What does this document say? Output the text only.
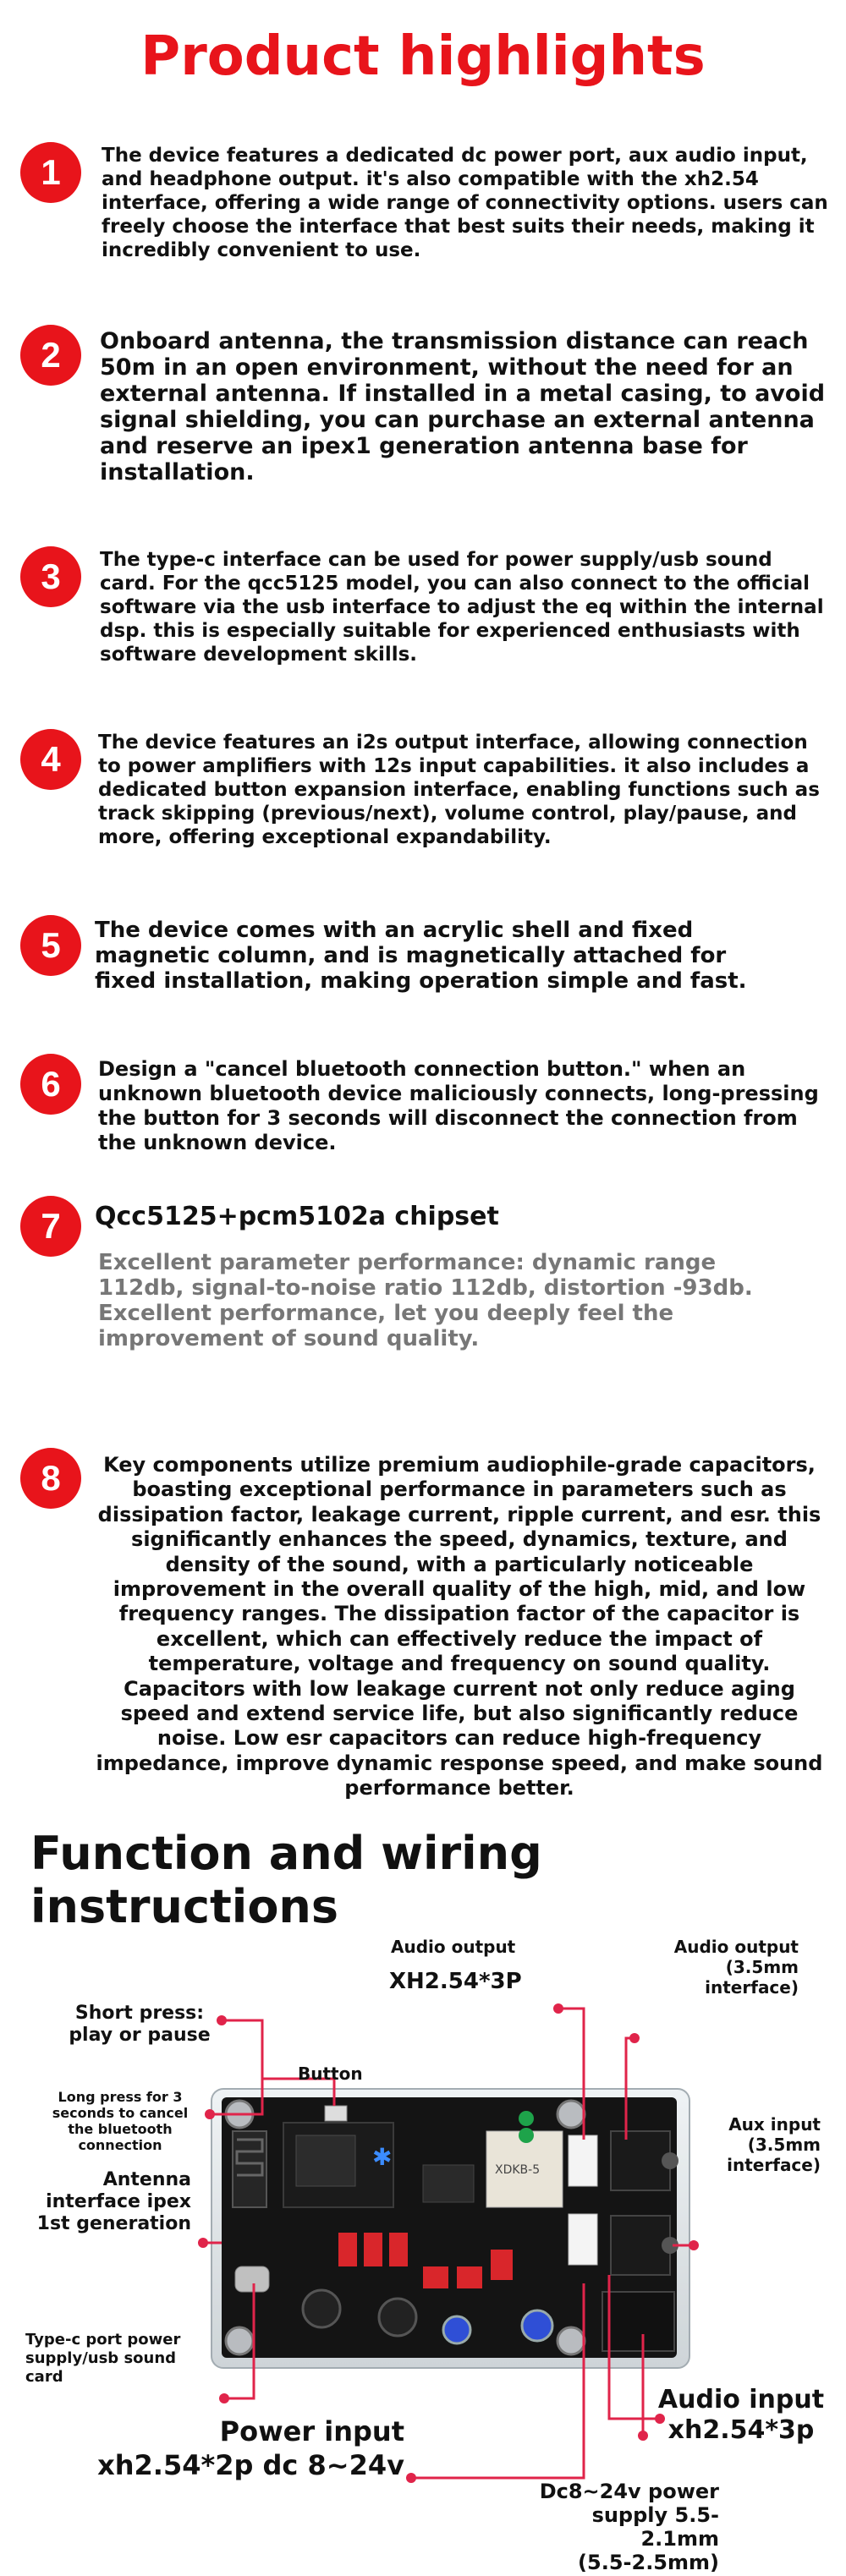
Product highlights
1	The device features a dedicated dc power port, aux audio input, and headphone output. it's also compatible with the xh2.54 interface, offering a wide range of connectivity options. users can freely choose the interface that best suits their needs, making it incredibly convenient to use.
2	Onboard antenna, the transmission distance can reach 50m in an open environment, without the need for an external antenna. If installed in a metal casing, to avoid signal shielding, you can purchase an external antenna and reserve an ipex1 generation antenna base for installation.
3	The type-c interface can be used for power supply/usb sound card. For the qcc5125 model, you can also connect to the official software via the usb interface to adjust the eq within the internal dsp. this is especially suitable for experienced enthusiasts with software development skills.
4	The device features an i2s output interface, allowing connection to power amplifiers with 12s input capabilities. it also includes a dedicated button expansion interface, enabling functions such as track skipping (previous/next), volume control, play/pause, and more, offering exceptional expandability.
5	The device comes with an acrylic shell and fixed magnetic column, and is magnetically attached for fixed installation, making operation simple and fast.
6	Design a "cancel bluetooth connection button." when an unknown bluetooth device maliciously connects, long-pressing the button for 3 seconds will disconnect the connection from the unknown device.
7	Qcc5125+pcm5102a chipset
Excellent parameter performance: dynamic range 112db, signal-to-noise ratio 112db, distortion -93db. Excellent performance, let you deeply feel the improvement of sound quality.
8	Key components utilize premium audiophile-grade capacitors, boasting exceptional performance in parameters such as dissipation factor, leakage current, ripple current, and esr. this significantly enhances the speed, dynamics, texture, and density of the sound, with a particularly noticeable improvement in the overall quality of the high, mid, and low frequency ranges. The dissipation factor of the capacitor is excellent, which can effectively reduce the impact of temperature, voltage and frequency on sound quality. Capacitors with low leakage current not only reduce aging speed and extend service life, but also significantly reduce noise. Low esr capacitors can reduce high-frequency impedance, improve dynamic response speed, and make sound performance better.
Function and wiring instructions
✱	XDKB-5
Short press:
play or pause
Long press for 3
seconds to cancel
the bluetooth
connection
Button
Audio output
XH2.54*3P
Audio output
(3.5mm
interface)
Aux input
(3.5mm
interface)
Antenna
interface ipex
1st generation
Type-c port power
supply/usb sound
card
Audio input
xh2.54*3p
Power input
xh2.54*2p dc 8~24v
Dc8~24v power
supply 5.5-2.1mm
(5.5-2.5mm)
